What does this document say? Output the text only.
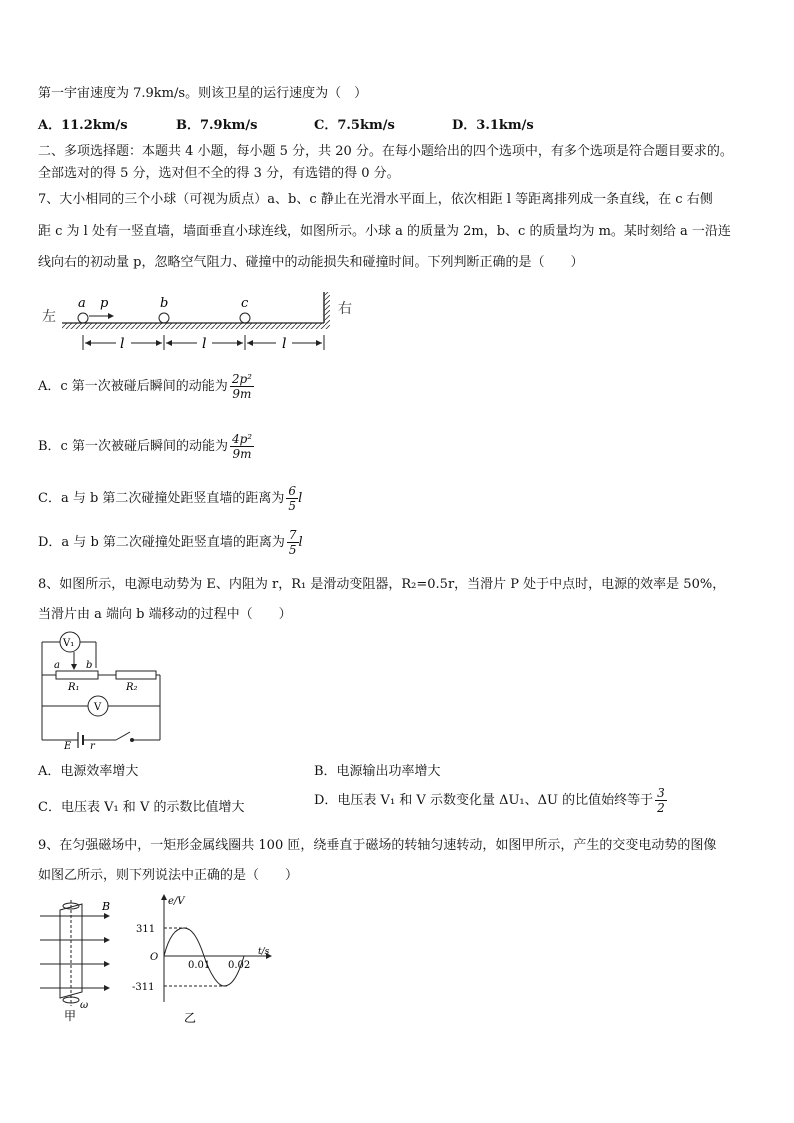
第一宇宙速度为 7.9km/s。则该卫星的运行速度为（　）
A．11.2km/s	B．7.9km/s	C．7.5km/s	D．3.1km/s
二、多项选择题：本题共 4 小题，每小题 5 分，共 20 分。在每小题给出的四个选项中，有多个选项是符合题目要求的。
全部选对的得 5 分，选对但不全的得 3 分，有选错的得 0 分。
7、大小相同的三个小球（可视为质点）a、b、c 静止在光滑水平面上，依次相距 l 等距离排列成一条直线，在 c 右侧
距 c 为 l 处有一竖直墙，墙面垂直小球连线，如图所示。小球 a 的质量为 2m，b、c 的质量均为 m。某时刻给 a 一沿连
线向右的初动量 p，忽略空气阻力、碰撞中的动能损失和碰撞时间。下列判断正确的是（　　）
左	右
a p	b	c
l	l	l
A．c 第一次被碰后瞬间的动能为 $\frac{\text{2p²}}{9m}$
B．c 第一次被碰后瞬间的动能为 $\frac{\text{4p²}}{9m}$
C．a 与 b 第二次碰撞处距竖直墙的距离为 $\frac{6}{5}$ l
D．a 与 b 第二次碰撞处距竖直墙的距离为 $\frac{7}{5}$ l
8、如图所示，电源电动势为 E、内阻为 r，R₁ 是滑动变阻器，R₂=0.5r，当滑片 P 处于中点时，电源的效率是 50%，
当滑片由 a 端向 b 端移动的过程中（　　）
V₁
V
a	b
R₁	R₂
E r
A．电源效率增大	B．电源输出功率增大
C．电压表 V₁ 和 V 的示数比值增大	D．电压表 V₁ 和 V 示数变化量 ΔU₁、ΔU 的比值始终等于 $\frac{3}{2}$
9、在匀强磁场中，一矩形金属线圈共 100 匝，绕垂直于磁场的转轴匀速转动，如图甲所示，产生的交变电动势的图像
如图乙所示，则下列说法中正确的是（　　）
B
ω
甲
e/V
t/s
311
-311
O
0.01 0.02
乙
